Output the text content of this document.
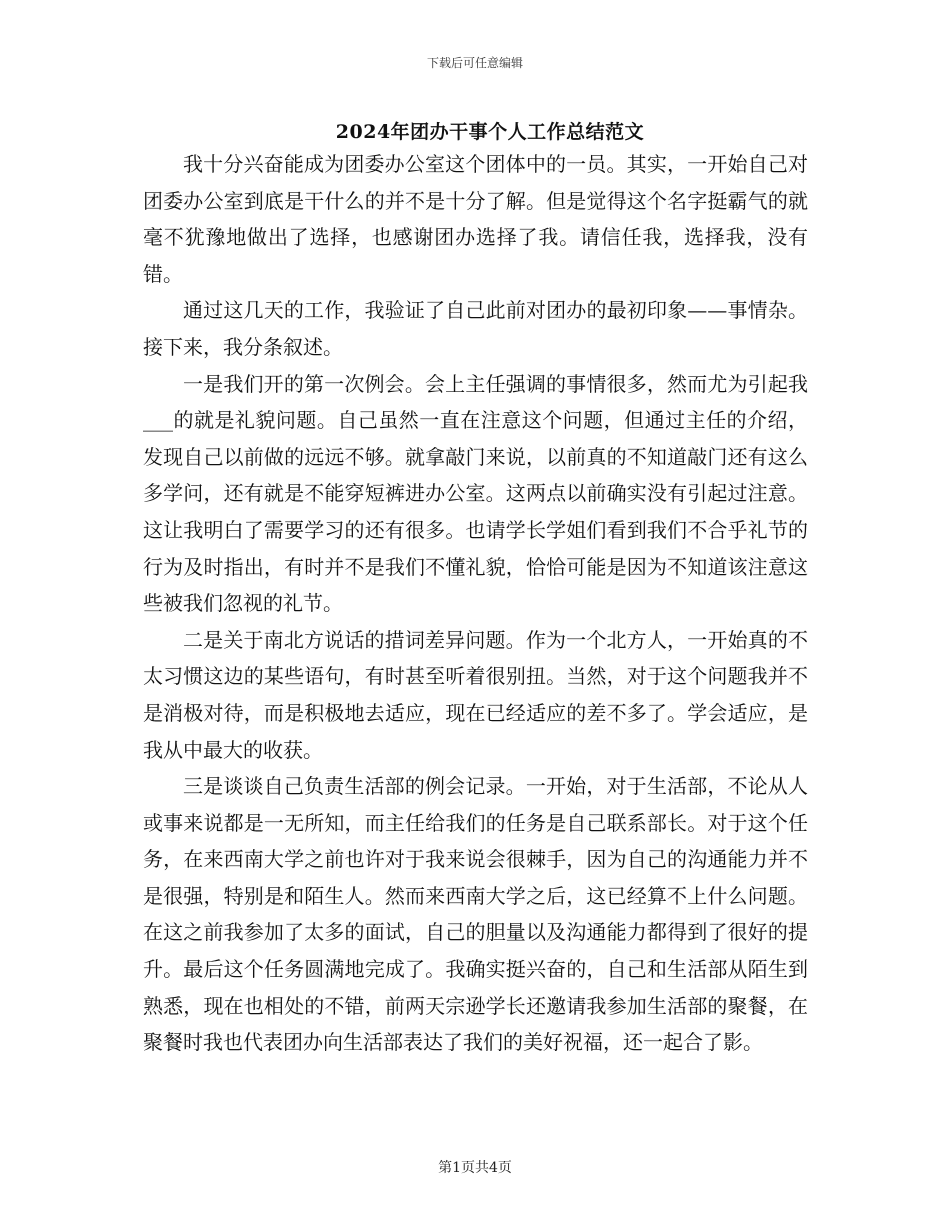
下载后可任意编辑
2024年团办干事个人工作总结范文

我十分兴奋能成为团委办公室这个团体中的一员。其实，一开始自己对团委办公室到底是干什么的并不是十分了解。但是觉得这个名字挺霸气的就毫不犹豫地做出了选择，也感谢团办选择了我。请信任我，选择我，没有错。

通过这几天的工作，我验证了自己此前对团办的最初印象——事情杂。接下来，我分条叙述。

一是我们开的第一次例会。会上主任强调的事情很多，然而尤为引起我___的就是礼貌问题。自己虽然一直在注意这个问题，但通过主任的介绍，发现自己以前做的远远不够。就拿敲门来说，以前真的不知道敲门还有这么多学问，还有就是不能穿短裤进办公室。这两点以前确实没有引起过注意。这让我明白了需要学习的还有很多。也请学长学姐们看到我们不合乎礼节的行为及时指出，有时并不是我们不懂礼貌，恰恰可能是因为不知道该注意这些被我们忽视的礼节。

二是关于南北方说话的措词差异问题。作为一个北方人，一开始真的不太习惯这边的某些语句，有时甚至听着很别扭。当然，对于这个问题我并不是消极对待，而是积极地去适应，现在已经适应的差不多了。学会适应，是我从中最大的收获。

三是谈谈自己负责生活部的例会记录。一开始，对于生活部，不论从人或事来说都是一无所知，而主任给我们的任务是自己联系部长。对于这个任务，在来西南大学之前也许对于我来说会很棘手，因为自己的沟通能力并不是很强，特别是和陌生人。然而来西南大学之后，这已经算不上什么问题。在这之前我参加了太多的面试，自己的胆量以及沟通能力都得到了很好的提升。最后这个任务圆满地完成了。我确实挺兴奋的，自己和生活部从陌生到熟悉，现在也相处的不错，前两天宗逊学长还邀请我参加生活部的聚餐，在聚餐时我也代表团办向生活部表达了我们的美好祝福，还一起合了影。

第1页共4页
